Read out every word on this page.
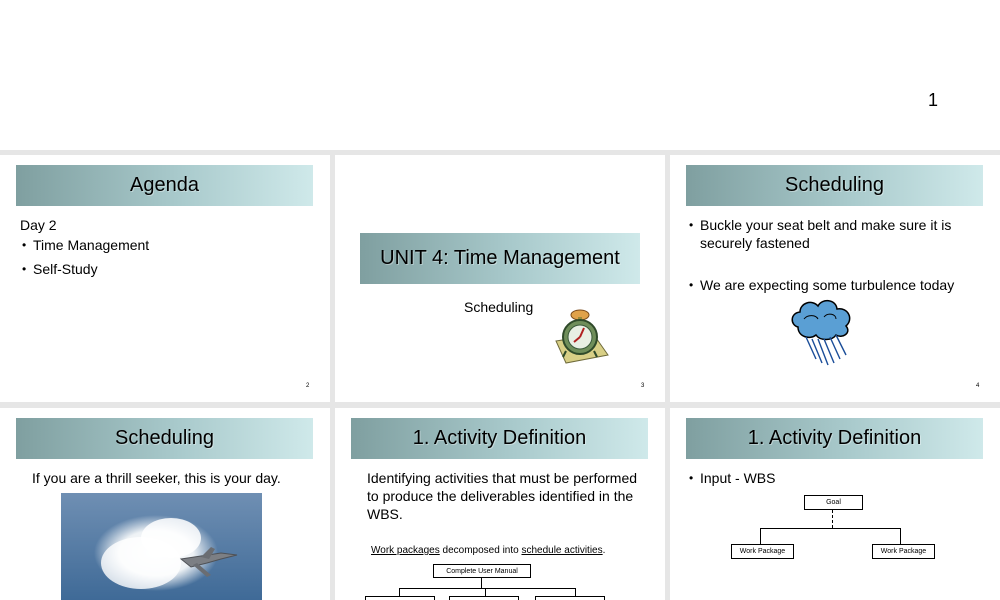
1
Agenda
Day 2
• Time Management
• Self-Study
2
UNIT 4: Time Management
Scheduling
3
Scheduling
• Buckle your seat belt and make sure it is securely fastened
• We are expecting some turbulence today
4
Scheduling
If you are a thrill seeker, this is your day.
1. Activity Definition
Identifying activities that must be performed to produce the deliverables identified in the WBS.
Work packages decomposed into schedule activities.
Complete User Manual
1. Activity Definition
• Input - WBS
Goal
Work Package	Work Package
